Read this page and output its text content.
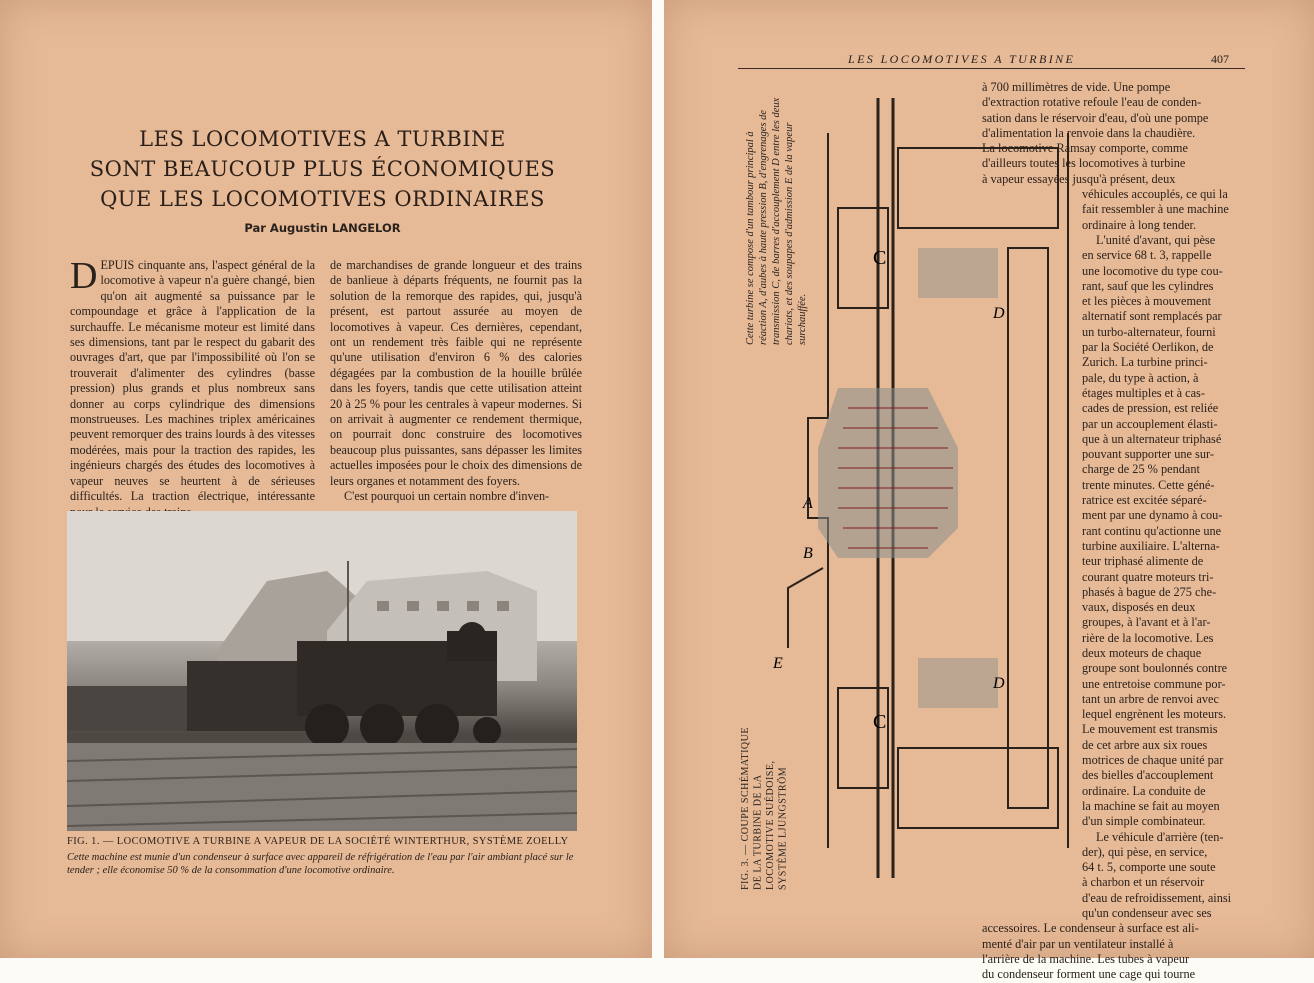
LES LOCOMOTIVES A TURBINE
SONT BEAUCOUP PLUS ÉCONOMIQUES
QUE LES LOCOMOTIVES ORDINAIRES
Par Augustin LANGELOR
DEPUIS cinquante ans, l'aspect général de la locomotive à vapeur n'a guère changé, bien qu'on ait augmenté sa puissance par le compoundage et grâce à l'application de la surchauffe. Le mécanisme moteur est limité dans ses dimensions, tant par le respect du gabarit des ouvrages d'art, que par l'impossibilité où l'on se trouverait d'alimenter des cylindres (basse pression) plus grands et plus nombreux sans donner au corps cylindrique des dimensions monstrueuses. Les machines triplex américaines peuvent remorquer des trains lourds à des vitesses modérées, mais pour la traction des rapides, les ingénieurs chargés des études des locomotives à vapeur neuves se heurtent à de sérieuses difficultés. La traction électrique, intéressante
de marchandises de grande longueur et des trains de banlieue à départs fréquents, ne fournit pas la solution de la remorque des rapides, qui, jusqu'à présent, est partout assurée au moyen de locomotives à vapeur. Ces dernières, cependant, ont un rendement très faible qui ne représente qu'une utilisation d'environ 6 % des calories dégagées par la combustion de la houille brûlée dans les foyers, tandis que cette utilisation atteint 20 à 25 % pour les centrales à vapeur modernes. Si on arrivait à augmenter ce rendement thermique, on pourrait donc construire des locomotives beaucoup plus puissantes, sans dépasser les limites actuelles imposées pour le choix des dimensions de leurs organes et notamment des foyers.
C'est pourquoi un certain nombre d'inven-
FIG. 1. — LOCOMOTIVE A TURBINE A VAPEUR DE LA SOCIÉTÉ WINTERTHUR, SYSTÈME ZOELLY
Cette machine est munie d'un condenseur à surface avec appareil de réfrigération de l'eau par l'air ambiant placé sur le tender ; elle économise 50 % de la consommation d'une locomotive ordinaire.
LES LOCOMOTIVES A TURBINE	407
C
D
A
B
E
C
D
Cette turbine se compose d'un tambour principal à réaction A, d'aubes à haute pression B, d'engrenages de transmission C, de barres d'accouplement D entre les deux chariots, et des soupapes d'admission E de la vapeur surchauffée.
FIG. 3. — COUPE SCHÉMATIQUE DE LA TURBINE DE LA LOCOMOTIVE SUÉDOISE, SYSTÈME LJUNGSTRÖM
à 700 millimètres de vide. Une pompe
d'extraction rotative refoule l'eau de conden-
sation dans le réservoir d'eau, d'où une pompe
d'alimentation la renvoie dans la chaudière.
La locomotive Ramsay comporte, comme
d'ailleurs toutes les locomotives à turbine
à vapeur essayées jusqu'à présent, deux
véhicules accouplés, ce qui la
fait ressembler à une machine
ordinaire à long tender.
L'unité d'avant, qui pèse
en service 68 t. 3, rappelle
une locomotive du type cou-
rant, sauf que les cylindres
et les pièces à mouvement
alternatif sont remplacés par
un turbo-alternateur, fourni
par la Société Oerlikon, de
Zurich. La turbine princi-
pale, du type à action, à
étages multiples et à cas-
cades de pression, est reliée
par un accouplement élasti-
que à un alternateur triphasé
pouvant supporter une sur-
charge de 25 % pendant
trente minutes. Cette géné-
ratrice est excitée séparé-
ment par une dynamo à cou-
rant continu qu'actionne une
turbine auxiliaire. L'alterna-
teur triphasé alimente de
courant quatre moteurs tri-
phasés à bague de 275 che-
vaux, disposés en deux
groupes, à l'avant et à l'ar-
rière de la locomotive. Les
deux moteurs de chaque
groupe sont boulonnés contre
une entretoise commune por-
tant un arbre de renvoi avec
lequel engrènent les moteurs.
Le mouvement est transmis
de cet arbre aux six roues
motrices de chaque unité par
des bielles d'accouplement
ordinaire. La conduite de
la machine se fait au moyen
d'un simple combinateur.
Le véhicule d'arrière (ten-
der), qui pèse, en service,
64 t. 5, comporte une soute
à charbon et un réservoir
d'eau de refroidissement, ainsi
qu'un condenseur avec ses
accessoires. Le condenseur à surface est ali-
menté d'air par un ventilateur installé à
l'arrière de la machine. Les tubes à vapeur
du condenseur forment une cage qui tourne
